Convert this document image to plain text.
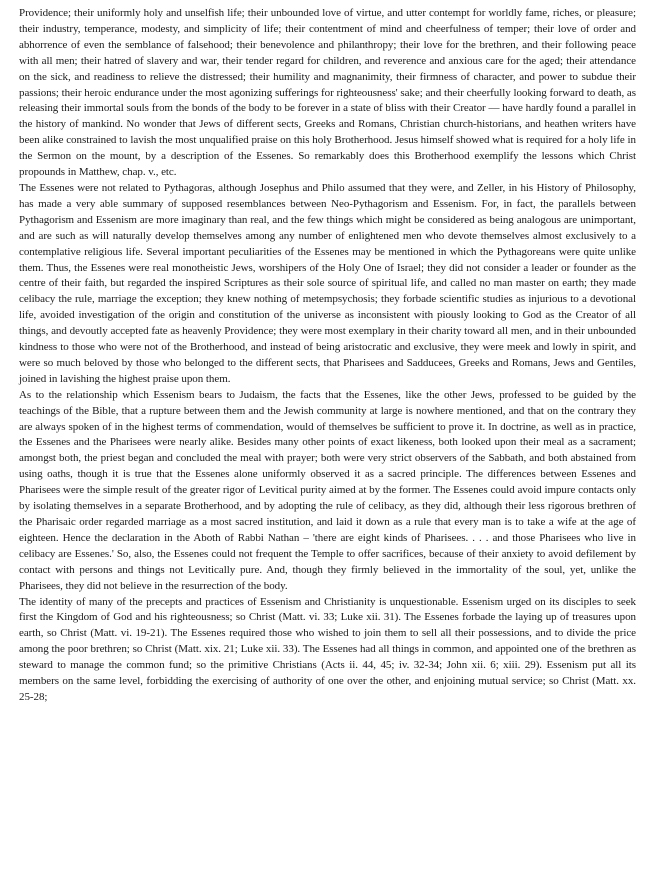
Providence; their uniformly holy and unselfish life; their unbounded love of virtue, and utter contempt for worldly fame, riches, or pleasure; their industry, temperance, modesty, and simplicity of life; their contentment of mind and cheerfulness of temper; their love of order and abhorrence of even the semblance of falsehood; their benevolence and philanthropy; their love for the brethren, and their following peace with all men; their hatred of slavery and war, their tender regard for children, and reverence and anxious care for the aged; their attendance on the sick, and readiness to relieve the distressed; their humility and magnanimity, their firmness of character, and power to subdue their passions; their heroic endurance under the most agonizing sufferings for righteousness' sake; and their cheerfully looking forward to death, as releasing their immortal souls from the bonds of the body to be forever in a state of bliss with their Creator — have hardly found a parallel in the history of mankind. No wonder that Jews of different sects, Greeks and Romans, Christian church-historians, and heathen writers have been alike constrained to lavish the most unqualified praise on this holy Brotherhood. Jesus himself showed what is required for a holy life in the Sermon on the mount, by a description of the Essenes. So remarkably does this Brotherhood exemplify the lessons which Christ propounds in Matthew, chap. v., etc.

The Essenes were not related to Pythagoras, although Josephus and Philo assumed that they were, and Zeller, in his History of Philosophy, has made a very able summary of supposed resemblances between Neo-Pythagorism and Essenism. For, in fact, the parallels between Pythagorism and Essenism are more imaginary than real, and the few things which might be considered as being analogous are unimportant, and are such as will naturally develop themselves among any number of enlightened men who devote themselves almost exclusively to a contemplative religious life. Several important peculiarities of the Essenes may be mentioned in which the Pythagoreans were quite unlike them. Thus, the Essenes were real monotheistic Jews, worshipers of the Holy One of Israel; they did not consider a leader or founder as the centre of their faith, but regarded the inspired Scriptures as their sole source of spiritual life, and called no man master on earth; they made celibacy the rule, marriage the exception; they knew nothing of metempsychosis; they forbade scientific studies as injurious to a devotional life, avoided investigation of the origin and constitution of the universe as inconsistent with piously looking to God as the Creator of all things, and devoutly accepted fate as heavenly Providence; they were most exemplary in their charity toward all men, and in their unbounded kindness to those who were not of the Brotherhood, and instead of being aristocratic and exclusive, they were meek and lowly in spirit, and were so much beloved by those who belonged to the different sects, that Pharisees and Sadducees, Greeks and Romans, Jews and Gentiles, joined in lavishing the highest praise upon them.

As to the relationship which Essenism bears to Judaism, the facts that the Essenes, like the other Jews, professed to be guided by the teachings of the Bible, that a rupture between them and the Jewish community at large is nowhere mentioned, and that on the contrary they are always spoken of in the highest terms of commendation, would of themselves be sufficient to prove it. In doctrine, as well as in practice, the Essenes and the Pharisees were nearly alike. Besides many other points of exact likeness, both looked upon their meal as a sacrament; amongst both, the priest began and concluded the meal with prayer; both were very strict observers of the Sabbath, and both abstained from using oaths, though it is true that the Essenes alone uniformly observed it as a sacred principle. The differences between Essenes and Pharisees were the simple result of the greater rigor of Levitical purity aimed at by the former. The Essenes could avoid impure contacts only by isolating themselves in a separate Brotherhood, and by adopting the rule of celibacy, as they did, although their less rigorous brethren of the Pharisaic order regarded marriage as a most sacred institution, and laid it down as a rule that every man is to take a wife at the age of eighteen. Hence the declaration in the Aboth of Rabbi Nathan – 'there are eight kinds of Pharisees. . . . and those Pharisees who live in celibacy are Essenes.' So, also, the Essenes could not frequent the Temple to offer sacrifices, because of their anxiety to avoid defilement by contact with persons and things not Levitically pure. And, though they firmly believed in the immortality of the soul, yet, unlike the Pharisees, they did not believe in the resurrection of the body.

The identity of many of the precepts and practices of Essenism and Christianity is unquestionable. Essenism urged on its disciples to seek first the Kingdom of God and his righteousness; so Christ (Matt. vi. 33; Luke xii. 31). The Essenes forbade the laying up of treasures upon earth, so Christ (Matt. vi. 19-21). The Essenes required those who wished to join them to sell all their possessions, and to divide the price among the poor brethren; so Christ (Matt. xix. 21; Luke xii. 33). The Essenes had all things in common, and appointed one of the brethren as steward to manage the common fund; so the primitive Christians (Acts ii. 44, 45; iv. 32-34; John xii. 6; xiii. 29). Essenism put all its members on the same level, forbidding the exercising of authority of one over the other, and enjoining mutual service; so Christ (Matt. xx. 25-28;
